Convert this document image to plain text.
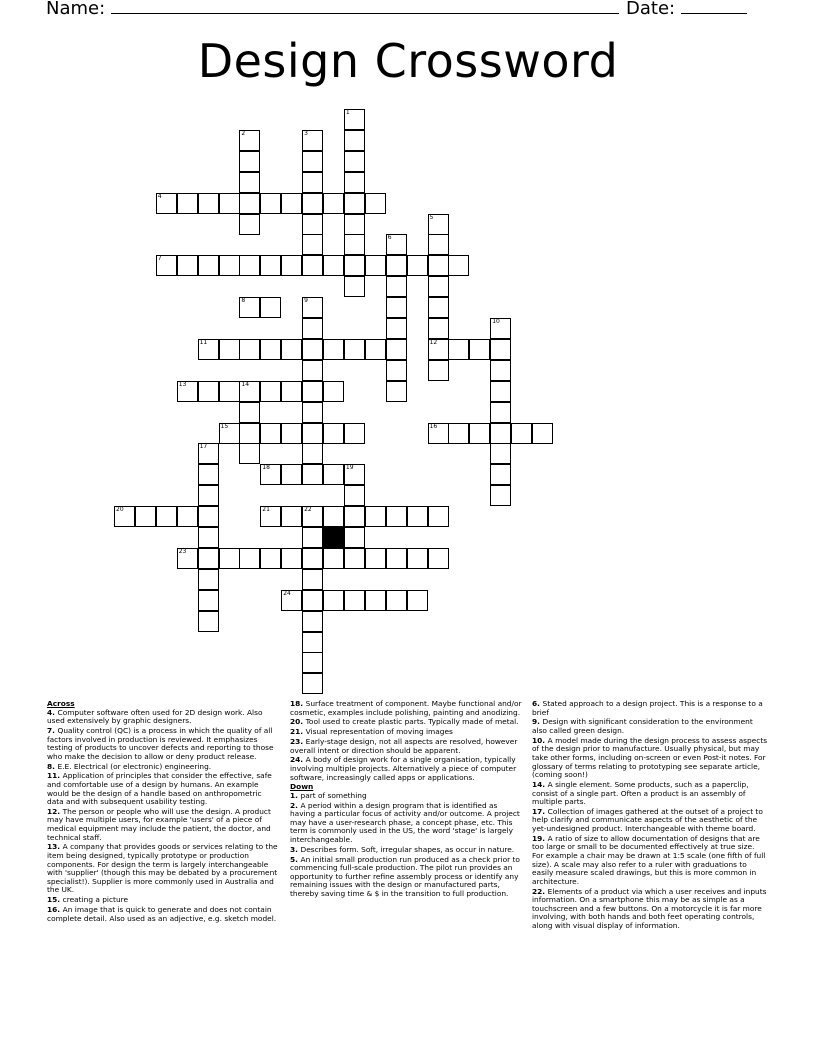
Name:	Date:
Design Crossword
4
7
8
11	12
13	14
15	16
18	19
20	21	22
23
24
1
2	3
5
6
9
10
17
Across
4. Computer software often used for 2D design work. Also used extensively by graphic designers.
7. Quality control (QC) is a process in which the quality of all factors involved in production is reviewed. It emphasizes testing of products to uncover defects and reporting to those who make the decision to allow or deny product release.
8. E.E. Electrical (or electronic) engineering.
11. Application of principles that consider the effective, safe and comfortable use of a design by humans. An example would be the design of a handle based on anthropometric data and with subsequent usability testing.
12. The person or people who will use the design. A product may have multiple users, for example 'users' of a piece of medical equipment may include the patient, the doctor, and technical staff.
13. A company that provides goods or services relating to the item being designed, typically prototype or production components. For design the term is largely interchangeable with 'supplier' (though this may be debated by a procurement specialist!). Supplier is more commonly used in Australia and the UK.
15. creating a picture
16. An image that is quick to generate and does not contain complete detail. Also used as an adjective, e.g. sketch model.
18. Surface treatment of component. Maybe functional and/or cosmetic, examples include polishing, painting and anodizing.
20. Tool used to create plastic parts. Typically made of metal.
21. Visual representation of moving images
23. Early-stage design, not all aspects are resolved, however overall intent or direction should be apparent.
24. A body of design work for a single organisation, typically involving multiple projects. Alternatively a piece of computer software, increasingly called apps or applications.
Down
1. part of something
2. A period within a design program that is identified as having a particular focus of activity and/or outcome. A project may have a user-research phase, a concept phase, etc. This term is commonly used in the US, the word 'stage' is largely interchangeable.
3. Describes form. Soft, irregular shapes, as occur in nature.
5. An initial small production run produced as a check prior to commencing full-scale production. The pilot run provides an opportunity to further refine assembly process or identify any remaining issues with the design or manufactured parts, thereby saving time & $ in the transition to full production.
6. Stated approach to a design project. This is a response to a brief
9. Design with significant consideration to the environment also called green design.
10. A model made during the design process to assess aspects of the design prior to manufacture. Usually physical, but may take other forms, including on-screen or even Post-it notes. For glossary of terms relating to prototyping see separate article, (coming soon!)
14. A single element. Some products, such as a paperclip, consist of a single part. Often a product is an assembly of multiple parts.
17. Collection of images gathered at the outset of a project to help clarify and communicate aspects of the aesthetic of the yet-undesigned product. Interchangeable with theme board.
19. A ratio of size to allow documentation of designs that are too large or small to be documented effectively at true size. For example a chair may be drawn at 1:5 scale (one fifth of full size). A scale may also refer to a ruler with graduations to easily measure scaled drawings, but this is more common in architecture.
22. Elements of a product via which a user receives and inputs information. On a smartphone this may be as simple as a touchscreen and a few buttons. On a motorcycle it is far more involving, with both hands and both feet operating controls, along with visual display of information.
